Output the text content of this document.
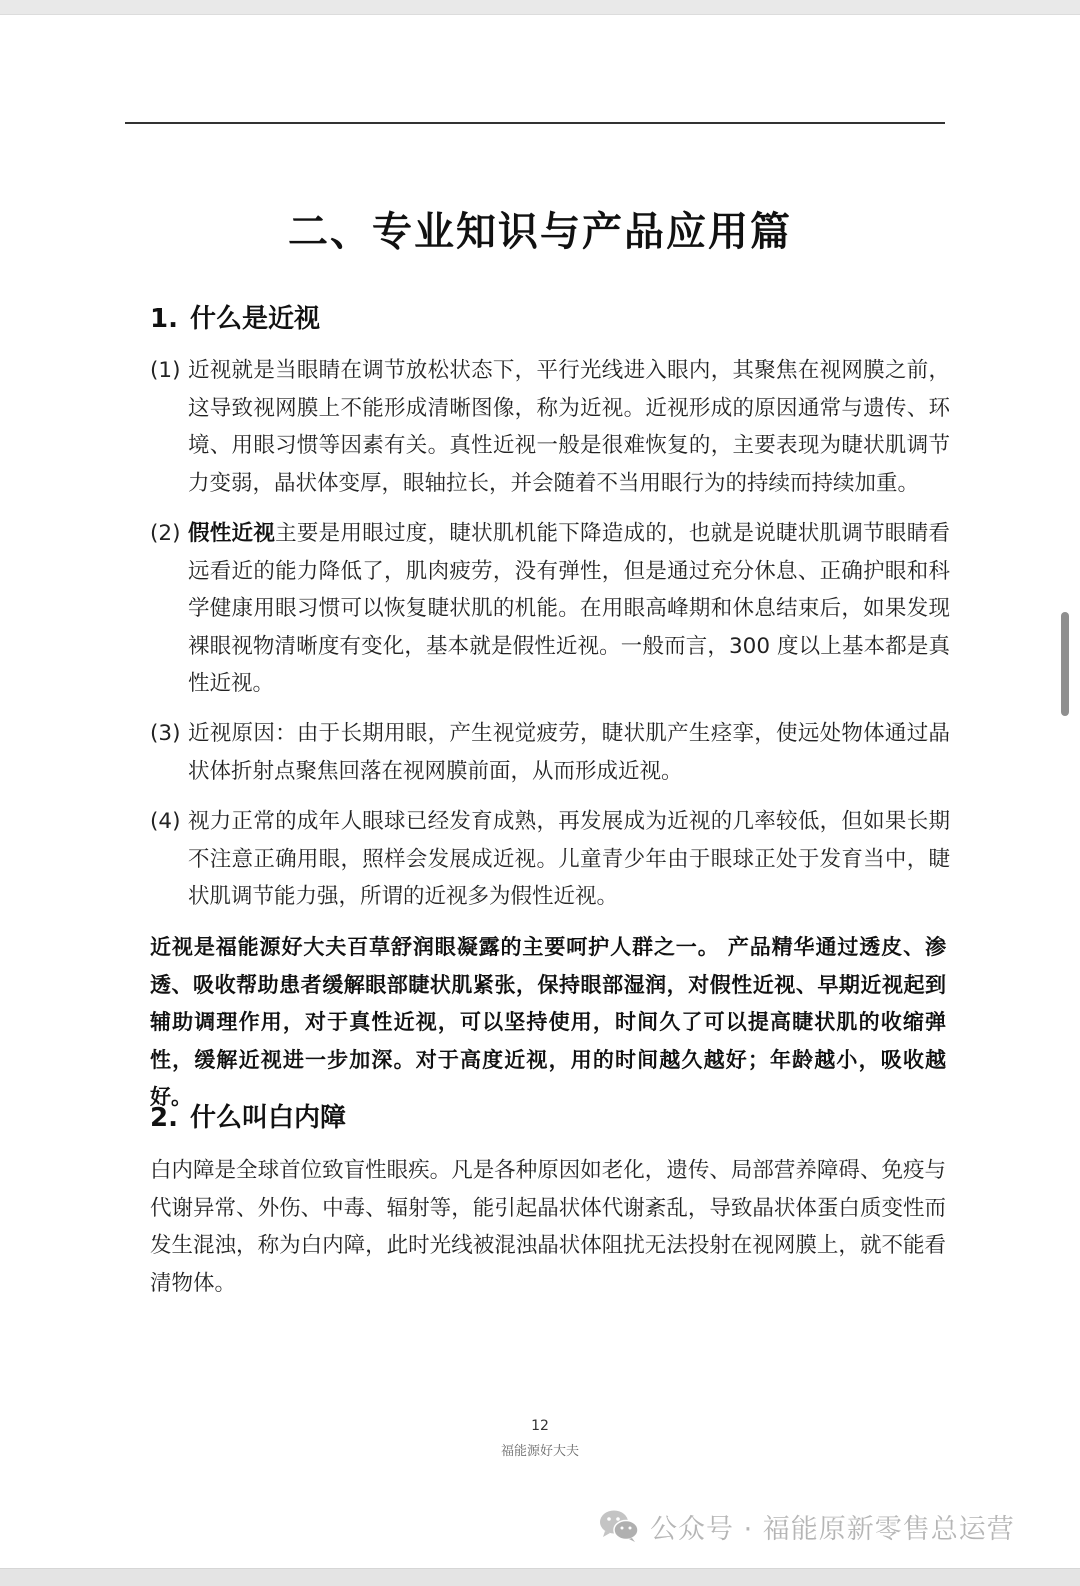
二、专业知识与产品应用篇
1. 什么是近视
(1) 近视就是当眼睛在调节放松状态下，平行光线进入眼内，其聚焦在视网膜之前，这导致视网膜上不能形成清晰图像，称为近视。近视形成的原因通常与遗传、环境、用眼习惯等因素有关。真性近视一般是很难恢复的，主要表现为睫状肌调节力变弱，晶状体变厚，眼轴拉长，并会随着不当用眼行为的持续而持续加重。
(2) 假性近视主要是用眼过度，睫状肌机能下降造成的，也就是说睫状肌调节眼睛看远看近的能力降低了，肌肉疲劳，没有弹性，但是通过充分休息、正确护眼和科学健康用眼习惯可以恢复睫状肌的机能。在用眼高峰期和休息结束后，如果发现裸眼视物清晰度有变化，基本就是假性近视。一般而言，300 度以上基本都是真性近视。
(3) 近视原因：由于长期用眼，产生视觉疲劳，睫状肌产生痉挛，使远处物体通过晶状体折射点聚焦回落在视网膜前面，从而形成近视。
(4) 视力正常的成年人眼球已经发育成熟，再发展成为近视的几率较低，但如果长期不注意正确用眼，照样会发展成近视。儿童青少年由于眼球正处于发育当中，睫状肌调节能力强，所谓的近视多为假性近视。
近视是福能源好大夫百草舒润眼凝露的主要呵护人群之一。 产品精华通过透皮、渗透、吸收帮助患者缓解眼部睫状肌紧张，保持眼部湿润，对假性近视、早期近视起到辅助调理作用，对于真性近视，可以坚持使用，时间久了可以提高睫状肌的收缩弹性，缓解近视进一步加深。对于高度近视，用的时间越久越好；年龄越小，吸收越好。
2. 什么叫白内障
白内障是全球首位致盲性眼疾。凡是各种原因如老化，遗传、局部营养障碍、免疫与代谢异常、外伤、中毒、辐射等，能引起晶状体代谢紊乱，导致晶状体蛋白质变性而发生混浊，称为白内障，此时光线被混浊晶状体阻扰无法投射在视网膜上，就不能看清物体。
12
福能源好大夫
公众号 · 福能原新零售总运营
